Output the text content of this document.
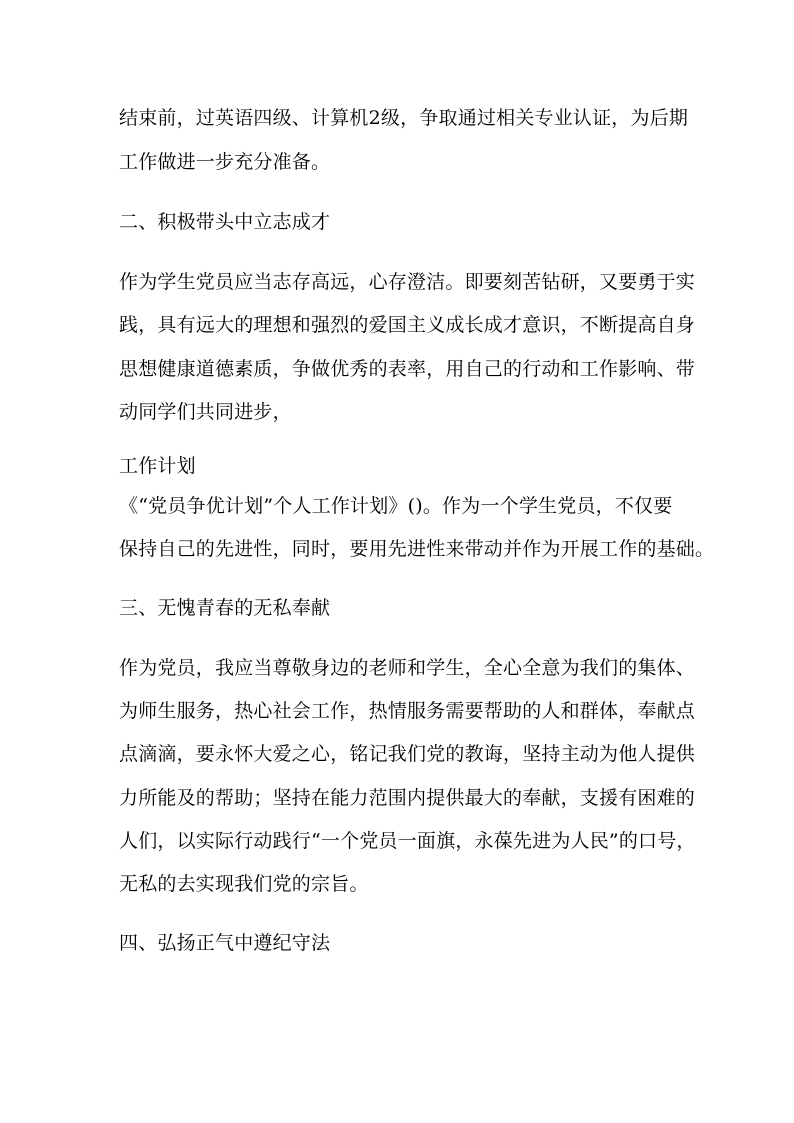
结束前，过英语四级、计算机2级，争取通过相关专业认证，为后期
工作做进一步充分准备。
二、积极带头中立志成才
作为学生党员应当志存高远，心存澄洁。即要刻苦钻研，又要勇于实
践，具有远大的理想和强烈的爱国主义成长成才意识，不断提高自身
思想健康道德素质，争做优秀的表率，用自己的行动和工作影响、带
动同学们共同进步，
工作计划
《“党员争优计划”个人工作计划》()。作为一个学生党员，不仅要
保持自己的先进性，同时，要用先进性来带动并作为开展工作的基础。
三、无愧青春的无私奉献
作为党员，我应当尊敬身边的老师和学生，全心全意为我们的集体、
为师生服务，热心社会工作，热情服务需要帮助的人和群体，奉献点
点滴滴，要永怀大爱之心，铭记我们党的教诲，坚持主动为他人提供
力所能及的帮助；坚持在能力范围内提供最大的奉献，支援有困难的
人们，以实际行动践行“一个党员一面旗，永葆先进为人民”的口号，
无私的去实现我们党的宗旨。
四、弘扬正气中遵纪守法
